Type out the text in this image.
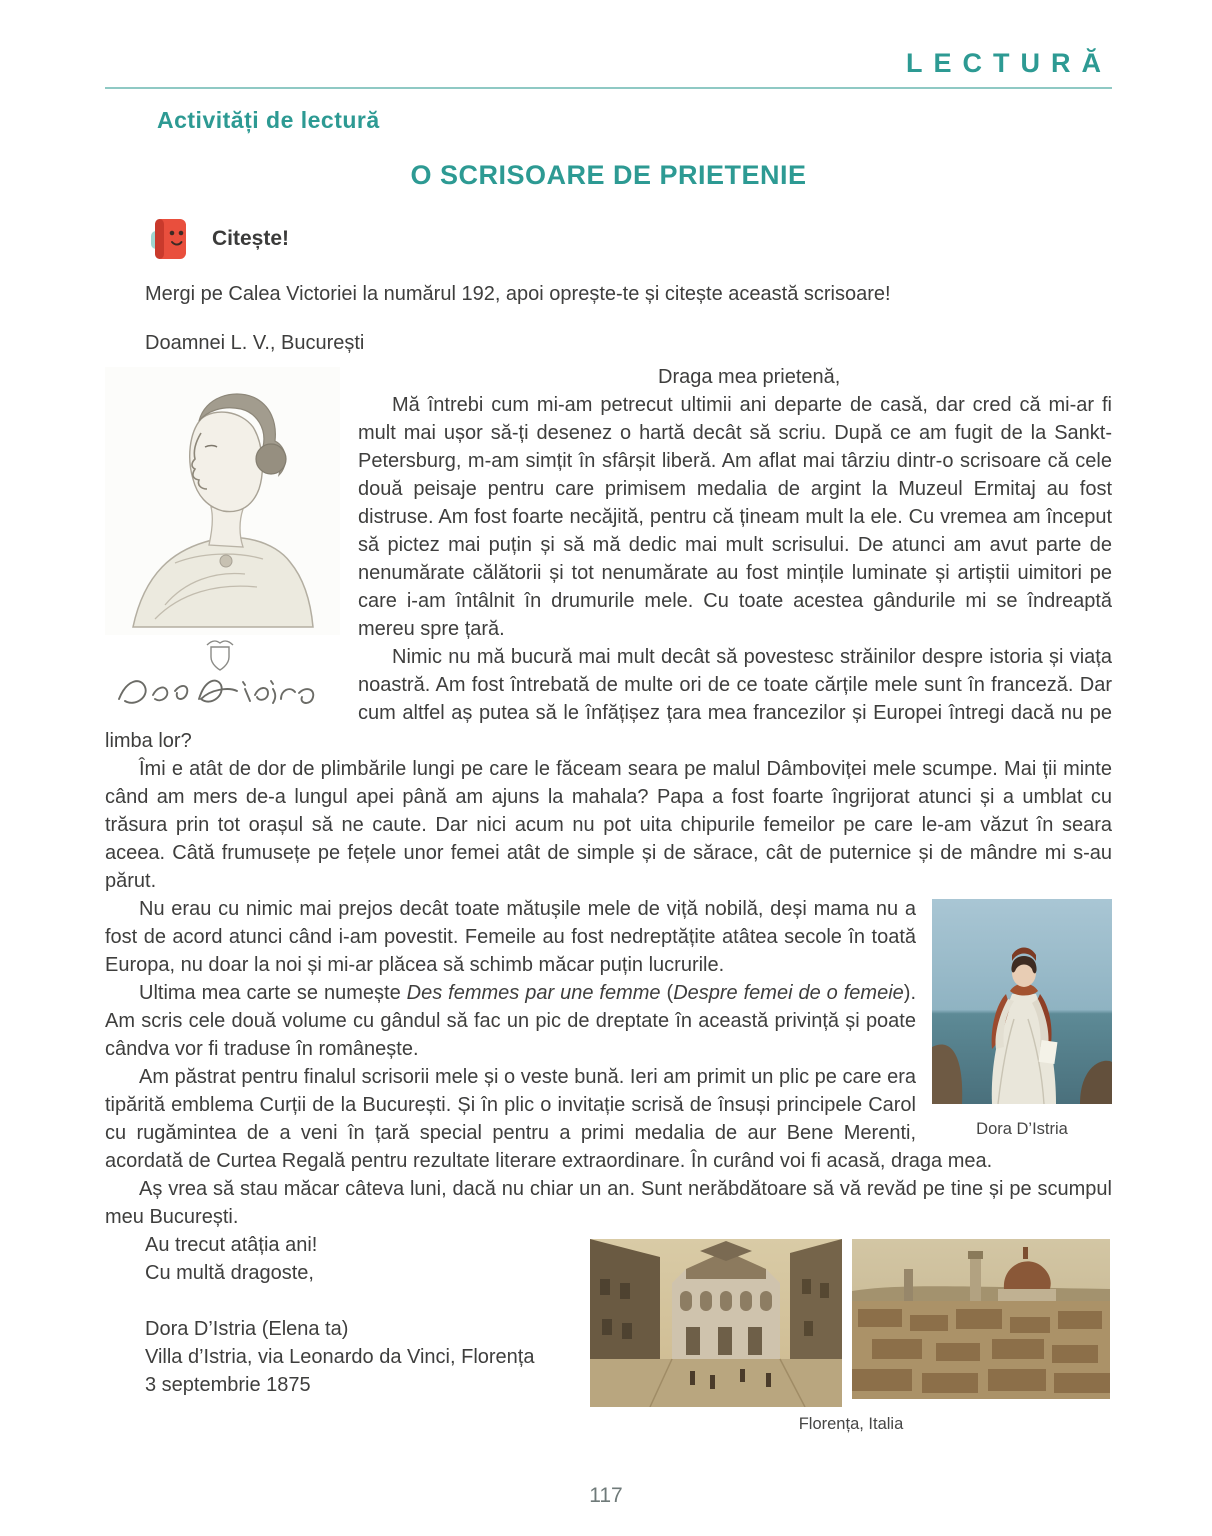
LECTURĂ
Activități de lectură
O SCRISOARE DE PRIETENIE
Citește!

Mergi pe Calea Victoriei la numărul 192, apoi oprește-te și citește această scrisoare!

Doamnei L. V., București

Draga mea prietenă,

Mă întrebi cum mi-am petrecut ultimii ani departe de casă, dar cred că mi-ar fi mult mai ușor să-ți desenez o hartă decât să scriu. După ce am fugit de la Sankt-Petersburg, m-am simțit în sfârșit liberă. Am aflat mai târziu dintr-o scrisoare că cele două peisaje pentru care primisem medalia de argint la Muzeul Ermitaj au fost distruse. Am fost foarte necăjită, pentru că țineam mult la ele. Cu vremea am început să pictez mai puțin și să mă dedic mai mult scrisului. De atunci am avut parte de nenumărate călătorii și tot nenumărate au fost mințile luminate și artiștii uimitori pe care i-am întâlnit în drumurile mele. Cu toate acestea gândurile mi se îndreaptă mereu spre țară.

Nimic nu mă bucură mai mult decât să povestesc străinilor despre istoria și viața noastră. Am fost întrebată de multe ori de ce toate cărțile mele sunt în franceză. Dar cum altfel aș putea să le înfățișez țara mea francezilor și Europei întregi dacă nu pe limba lor?

Îmi e atât de dor de plimbările lungi pe care le făceam seara pe malul Dâmboviței mele scumpe. Mai ții minte când am mers de-a lungul apei până am ajuns la mahala? Papa a fost foarte îngrijorat atunci și a umblat cu trăsura prin tot orașul să ne caute. Dar nici acum nu pot uita chipurile femeilor pe care le-am văzut în seara aceea. Câtă frumusețe pe fețele unor femei atât de simple și de sărace, cât de puternice și de mândre mi s-au părut.

Dora D’Istria

Nu erau cu nimic mai prejos decât toate mătușile mele de viță nobilă, deși mama nu a fost de acord atunci când i-am povestit. Femeile au fost nedreptățite atâtea secole în toată Europa, nu doar la noi și mi-ar plăcea să schimb măcar puțin lucrurile.

Ultima mea carte se numește Des femmes par une femme (Despre femei de o femeie). Am scris cele două volume cu gândul să fac un pic de dreptate în această privință și poate cândva vor fi traduse în românește.

Am păstrat pentru finalul scrisorii mele și o veste bună. Ieri am primit un plic pe care era tipărită emblema Curții de la București. Și în plic o invitație scrisă de însuși principele Carol cu rugămintea de a veni în țară special pentru a primi medalia de aur Bene Merenti, acordată de Curtea Regală pentru rezultate literare extraordinare. În curând voi fi acasă, draga mea.

Aș vrea să stau măcar câteva luni, dacă nu chiar un an. Sunt nerăbdătoare să vă revăd pe tine și pe scumpul meu București.

Florența, Italia

Au trecut atâția ani!

Cu multă dragoste,

Dora D’Istria (Elena ta)

Villa d’Istria, via Leonardo da Vinci, Florența

3 septembrie 1875

117
